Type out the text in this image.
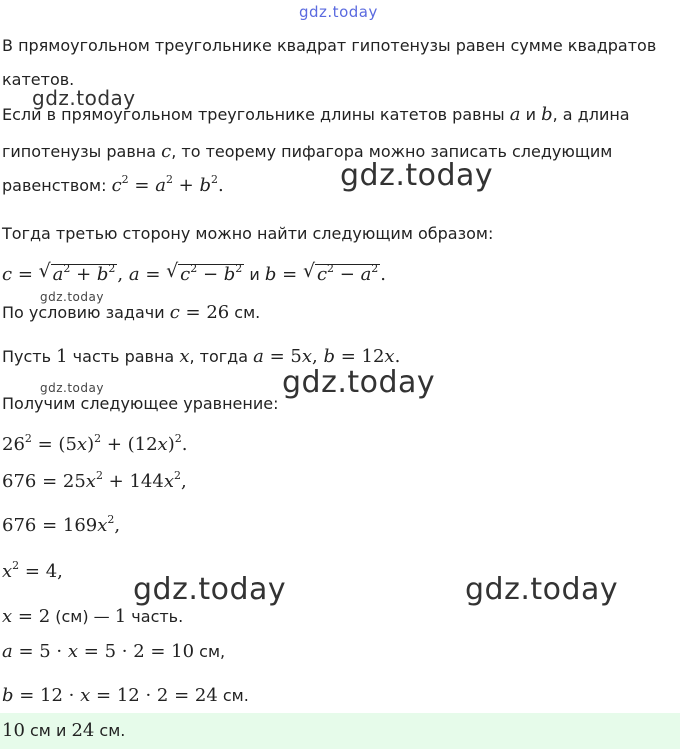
gdz.today
gdz.today
gdz.today
gdz.today
gdz.today
gdz.today
gdz.today	gdz.today
В прямоугольном треугольнике квадрат гипотенузы равен сумме квадратов
катетов.
Если в прямоугольном треугольнике длины катетов равны a и b, а длина
гипотенузы равна c, то теорему пифагора можно записать следующим
равенством: $c^2 = a^2 + b^2$.
Тогда третью сторону можно найти следующим образом:
c = √ $a^2 + b^2$ , a = √ $c^2 - b^2$ и b = √ $c^2 - a^2$ .
По условию задачи c = 26 см.
Пусть 1 часть равна x, тогда a = 5x, b = 12x.
Получим следующее уравнение:
$26^2 = (5x)^2 + (12x)^2$.
$676 = 25x^2 + 144x^2$,
$676 = 169x^2$,
$x^2 = 4$,
x = 2 (см) — 1 часть.
a = 5 · x = 5 · 2 = 10 см,
b = 12 · x = 12 · 2 = 24 см.
10 см и 24 см.
